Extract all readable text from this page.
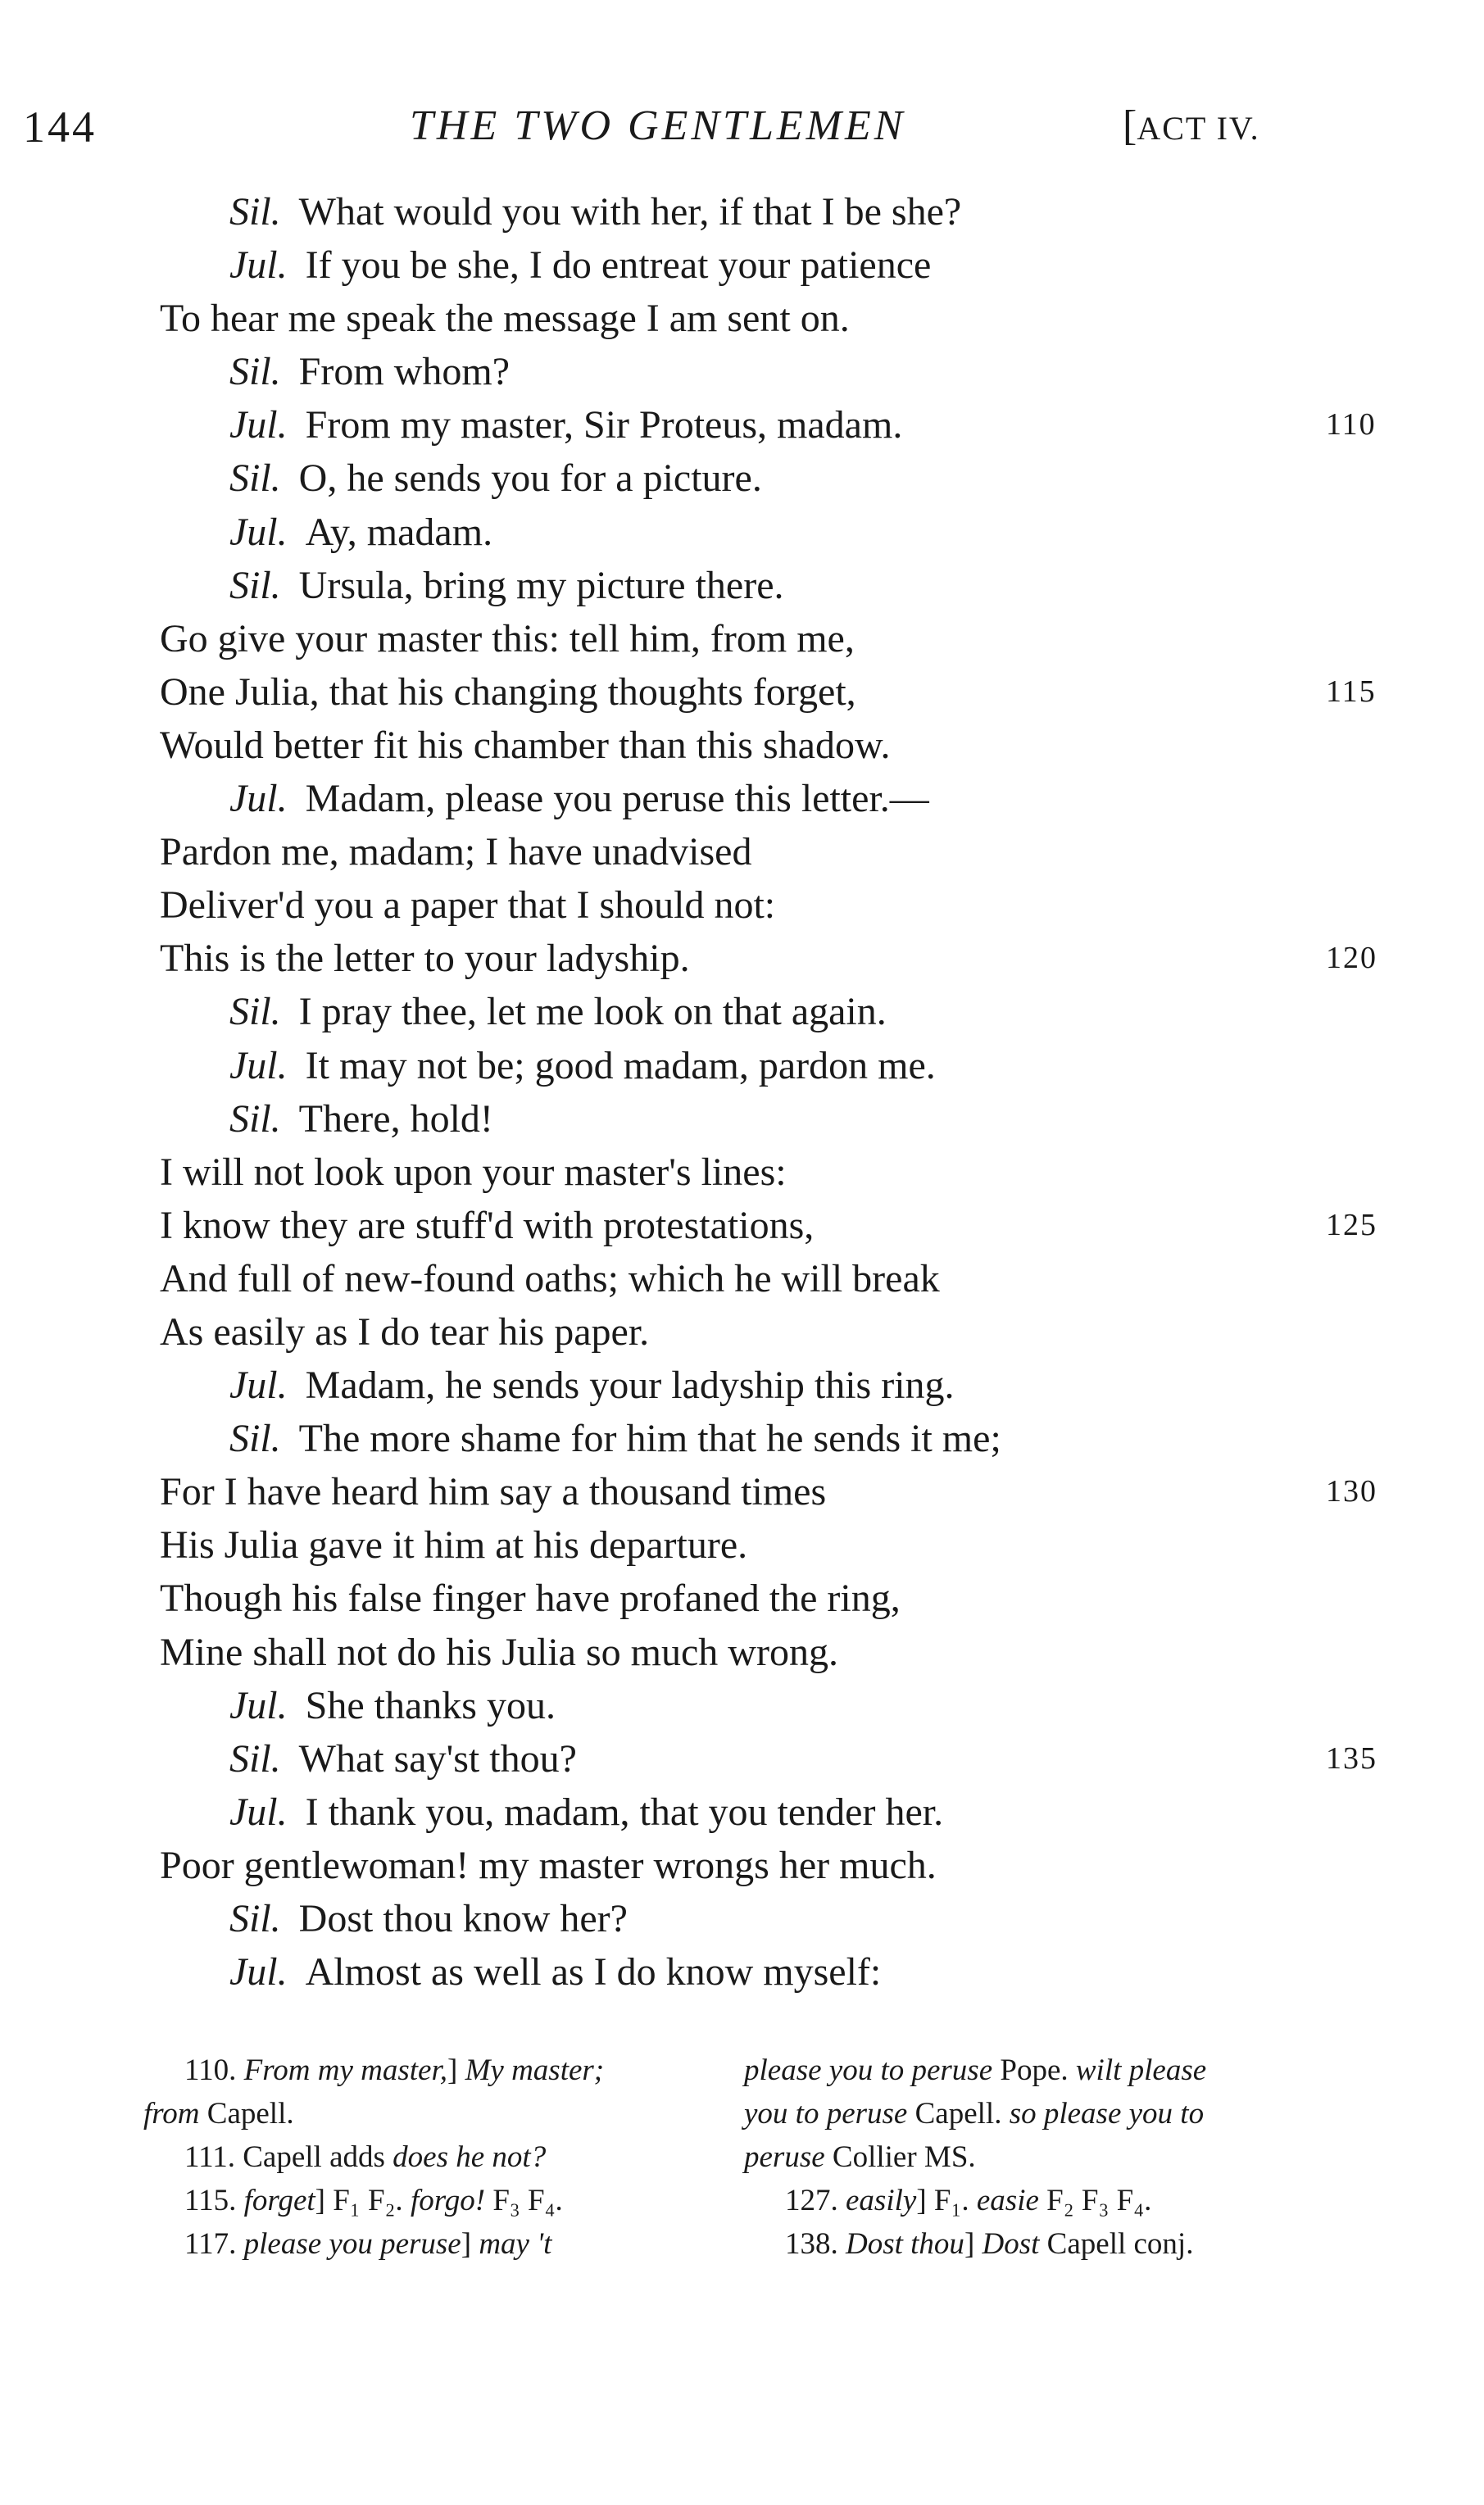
144	THE TWO GENTLEMEN	[ACT IV.
Sil. What would you with her, if that I be she?
Jul. If you be she, I do entreat your patience
To hear me speak the message I am sent on.
Sil. From whom?
Jul. From my master, Sir Proteus, madam.	110
Sil. O, he sends you for a picture.
Jul. Ay, madam.
Sil. Ursula, bring my picture there.
Go give your master this: tell him, from me,
One Julia, that his changing thoughts forget,	115
Would better fit his chamber than this shadow.
Jul. Madam, please you peruse this letter.—
Pardon me, madam; I have unadvised
Deliver'd you a paper that I should not:
This is the letter to your ladyship.	120
Sil. I pray thee, let me look on that again.
Jul. It may not be; good madam, pardon me.
Sil. There, hold!
I will not look upon your master's lines:
I know they are stuff'd with protestations,	125
And full of new-found oaths; which he will break
As easily as I do tear his paper.
Jul. Madam, he sends your ladyship this ring.
Sil. The more shame for him that he sends it me;
For I have heard him say a thousand times	130
His Julia gave it him at his departure.
Though his false finger have profaned the ring,
Mine shall not do his Julia so much wrong.
Jul. She thanks you.
Sil. What say'st thou?	135
Jul. I thank you, madam, that you tender her.
Poor gentlewoman! my master wrongs her much.
Sil. Dost thou know her?
Jul. Almost as well as I do know myself:
110. From my master,] My master;
from Capell.
111. Capell adds does he not?
115. forget] F₁ F₂. forgo! F₃ F₄.
117. please you peruse] may 't
please you to peruse Pope. wilt please
you to peruse Capell. so please you to
peruse Collier MS.
127. easily] F₁. easie F₂ F₃ F₄.
138. Dost thou] Dost Capell conj.
